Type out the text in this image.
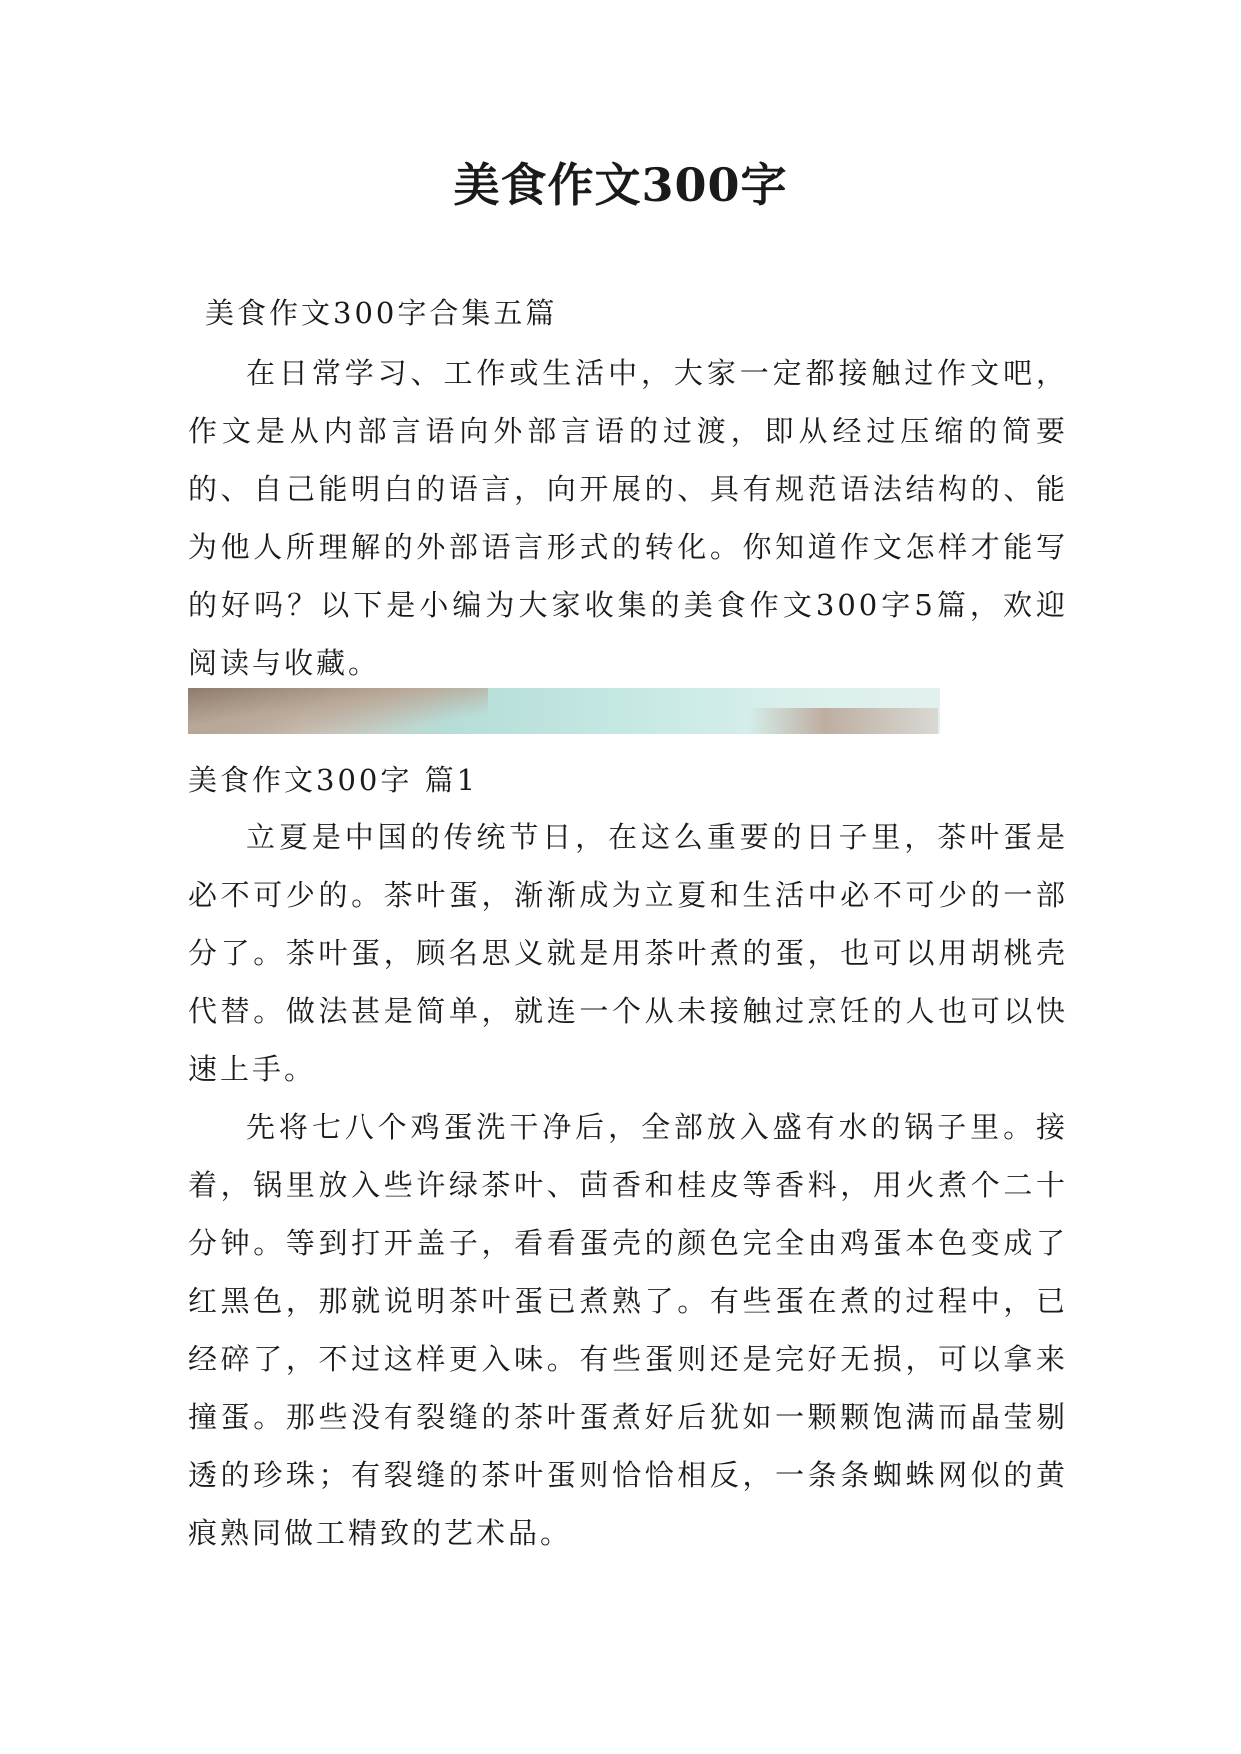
美食作文300字

美食作文300字合集五篇

在日常学习、工作或生活中，大家一定都接触过作文吧，作文是从内部言语向外部言语的过渡，即从经过压缩的简要的、自己能明白的语言，向开展的、具有规范语法结构的、能为他人所理解的外部语言形式的转化。你知道作文怎样才能写的好吗？以下是小编为大家收集的美食作文300字5篇，欢迎阅读与收藏。

美食作文300字 篇1

立夏是中国的传统节日，在这么重要的日子里，茶叶蛋是必不可少的。茶叶蛋，渐渐成为立夏和生活中必不可少的一部分了。茶叶蛋，顾名思义就是用茶叶煮的蛋，也可以用胡桃壳代替。做法甚是简单，就连一个从未接触过烹饪的人也可以快速上手。

先将七八个鸡蛋洗干净后，全部放入盛有水的锅子里。接着，锅里放入些许绿茶叶、茴香和桂皮等香料，用火煮个二十分钟。等到打开盖子，看看蛋壳的颜色完全由鸡蛋本色变成了红黑色，那就说明茶叶蛋已煮熟了。有些蛋在煮的过程中，已经碎了，不过这样更入味。有些蛋则还是完好无损，可以拿来撞蛋。那些没有裂缝的茶叶蛋煮好后犹如一颗颗饱满而晶莹剔透的珍珠；有裂缝的茶叶蛋则恰恰相反，一条条蜘蛛网似的黄痕熟同做工精致的艺术品。
